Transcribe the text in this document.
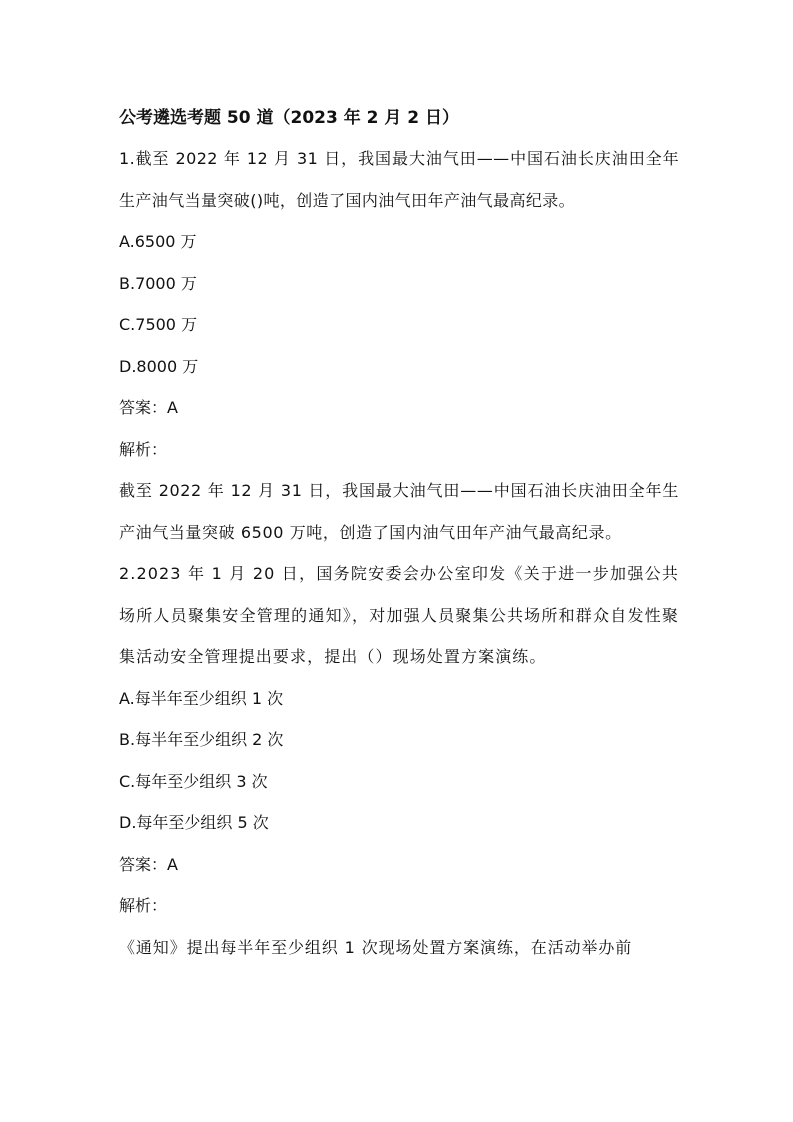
公考遴选考题 50 道（2023 年 2 月 2 日）

1.截至 2022 年 12 月 31 日，我国最大油气田——中国石油长庆油田全年生产油气当量突破()吨，创造了国内油气田年产油气最高纪录。

A.6500 万

B.7000 万

C.7500 万

D.8000 万

答案：A

解析：

截至 2022 年 12 月 31 日，我国最大油气田——中国石油长庆油田全年生产油气当量突破 6500 万吨，创造了国内油气田年产油气最高纪录。

2.2023 年 1 月 20 日，国务院安委会办公室印发《关于进一步加强公共场所人员聚集安全管理的通知》，对加强人员聚集公共场所和群众自发性聚集活动安全管理提出要求，提出（）现场处置方案演练。

A.每半年至少组织 1 次

B.每半年至少组织 2 次

C.每年至少组织 3 次

D.每年至少组织 5 次

答案：A

解析：

《通知》提出每半年至少组织 1 次现场处置方案演练，在活动举办前
